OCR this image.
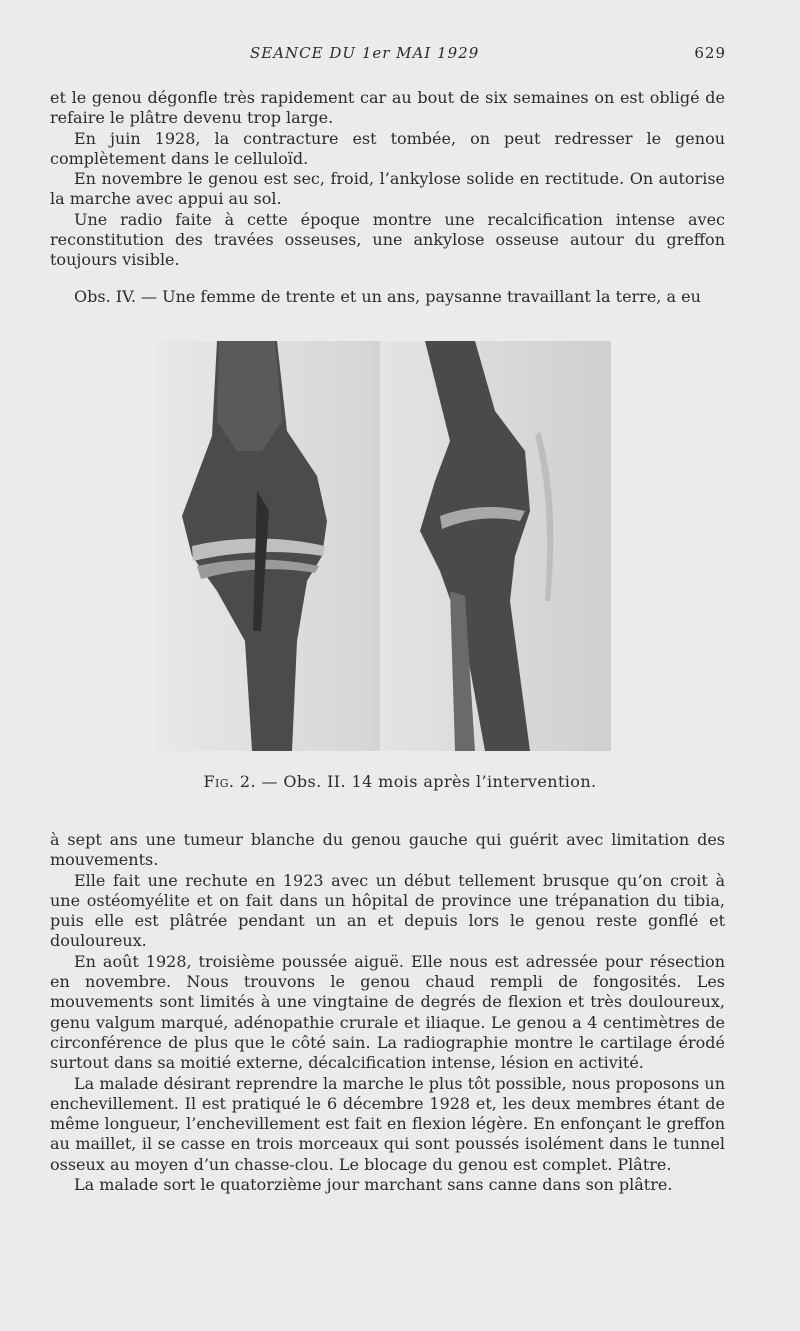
SEANCE DU 1er MAI 1929	629

et le genou dégonfle très rapidement car au bout de six semaines on est obligé de refaire le plâtre devenu trop large.

En juin 1928, la contracture est tombée, on peut redresser le genou complètement dans le celluloïd.

En novembre le genou est sec, froid, l’ankylose solide en rectitude. On autorise la marche avec appui au sol.

Une radio faite à cette époque montre une recalcification intense avec reconstitution des travées osseuses, une ankylose osseuse autour du greffon toujours visible.

Obs. IV. — Une femme de trente et un ans, paysanne travaillant la terre, a eu

Fig. 2. — Obs. II. 14 mois après l’intervention.

à sept ans une tumeur blanche du genou gauche qui guérit avec limitation des mouvements.

Elle fait une rechute en 1923 avec un début tellement brusque qu’on croit à une ostéomyélite et on fait dans un hôpital de province une trépanation du tibia, puis elle est plâtrée pendant un an et depuis lors le genou reste gonflé et douloureux.

En août 1928, troisième poussée aiguë. Elle nous est adressée pour résection en novembre. Nous trouvons le genou chaud rempli de fongosités. Les mouvements sont limités à une vingtaine de degrés de flexion et très douloureux, genu valgum marqué, adénopathie crurale et iliaque. Le genou a 4 centimètres de circonférence de plus que le côté sain. La radiographie montre le cartilage érodé surtout dans sa moitié externe, décalcification intense, lésion en activité.

La malade désirant reprendre la marche le plus tôt possible, nous proposons un enchevillement. Il est pratiqué le 6 décembre 1928 et, les deux membres étant de même longueur, l’enchevillement est fait en flexion légère. En enfonçant le greffon au maillet, il se casse en trois morceaux qui sont poussés isolément dans le tunnel osseux au moyen d’un chasse-clou. Le blocage du genou est complet. Plâtre.

La malade sort le quatorzième jour marchant sans canne dans son plâtre.
